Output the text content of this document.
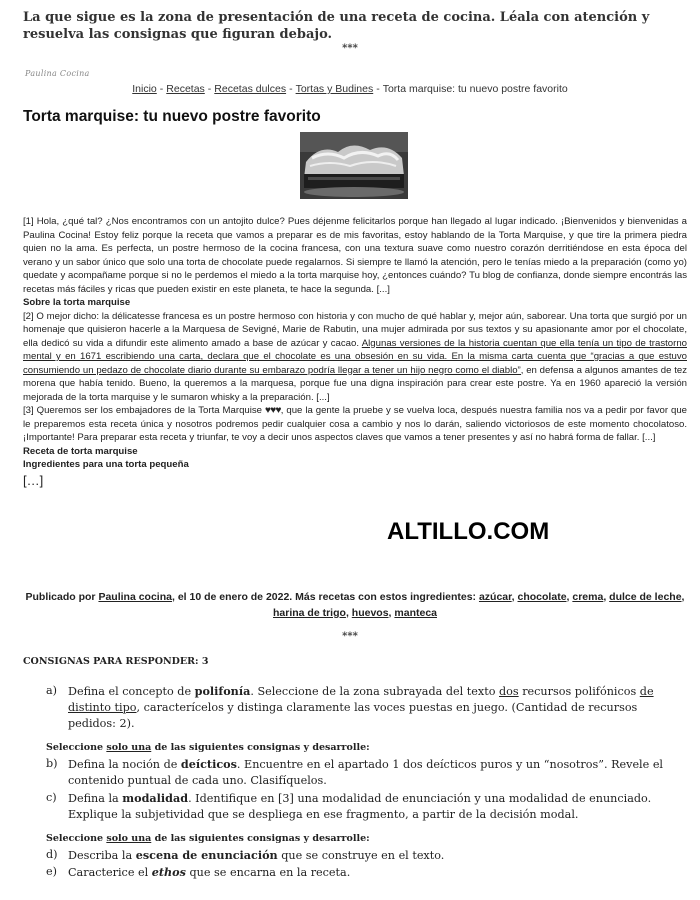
La que sigue es la zona de presentación de una receta de cocina. Léala con atención y resuelva las consignas que figuran debajo.
***
Paulina Cocina
Inicio - Recetas - Recetas dulces - Tortas y Budines - Torta marquise: tu nuevo postre favorito
Torta marquise: tu nuevo postre favorito

[1] Hola, ¿qué tal? ¿Nos encontramos con un antojito dulce? Pues déjenme felicitarlos porque han llegado al lugar indicado. ¡Bienvenidos y bienvenidas a Paulina Cocina! Estoy feliz porque la receta que vamos a preparar es de mis favoritas, estoy hablando de la Torta Marquise, y que tire la primera piedra quien no la ama. Es perfecta, un postre hermoso de la cocina francesa, con una textura suave como nuestro corazón derritiéndose en esta época del verano y un sabor único que solo una torta de chocolate puede regalarnos. Si siempre te llamó la atención, pero le tenías miedo a la preparación (como yo) quedate y acompañame porque si no le perdemos el miedo a la torta marquise hoy, ¿entonces cuándo? Tu blog de confianza, donde siempre encontrás las recetas más fáciles y ricas que pueden existir en este planeta, te hace la segunda. [...]

Sobre la torta marquise

[2] O mejor dicho: la délicatesse francesa es un postre hermoso con historia y con mucho de qué hablar y, mejor aún, saborear. Una torta que surgió por un homenaje que quisieron hacerle a la Marquesa de Sevigné, Marie de Rabutin, una mujer admirada por sus textos y su apasionante amor por el chocolate, ella dedicó su vida a difundir este alimento amado a base de azúcar y cacao. Algunas versiones de la historia cuentan que ella tenía un tipo de trastorno mental y en 1671 escribiendo una carta, declara que el chocolate es una obsesión en su vida. En la misma carta cuenta que “gracias a que estuvo consumiendo un pedazo de chocolate diario durante su embarazo podría llegar a tener un hijo negro como el diablo”, en defensa a algunos amantes de tez morena que había tenido. Bueno, la queremos a la marquesa, porque fue una digna inspiración para crear este postre. Ya en 1960 apareció la versión mejorada de la torta marquise y le sumaron whisky a la preparación. [...]

[3] Queremos ser los embajadores de la Torta Marquise ♥♥♥, que la gente la pruebe y se vuelva loca, después nuestra familia nos va a pedir por favor que le preparemos esta receta única y nosotros podremos pedir cualquier cosa a cambio y nos lo darán, saliendo victoriosos de este momento chocolatoso. ¡Importante! Para preparar esta receta y triunfar, te voy a decir unos aspectos claves que vamos a tener presentes y así no habrá forma de fallar. [...]

Receta de torta marquise

Ingredientes para una torta pequeña

[…]

ALTILLO.COM
Publicado por Paulina cocina, el 10 de enero de 2022. Más recetas con estos ingredientes: azúcar, chocolate, crema, dulce de leche, harina de trigo, huevos, manteca
***
CONSIGNAS PARA RESPONDER: 3
a) Defina el concepto de polifonía. Seleccione de la zona subrayada del texto dos recursos polifónicos de distinto tipo, caracterícelos y distinga claramente las voces puestas en juego. (Cantidad de recursos pedidos: 2).
Seleccione solo una de las siguientes consignas y desarrolle:
b) Defina la noción de deícticos. Encuentre en el apartado 1 dos deícticos puros y un “nosotros”. Revele el contenido puntual de cada uno. Clasifíquelos.
c) Defina la modalidad. Identifique en [3] una modalidad de enunciación y una modalidad de enunciado. Explique la subjetividad que se despliega en ese fragmento, a partir de la decisión modal.
Seleccione solo una de las siguientes consignas y desarrolle:
d) Describa la escena de enunciación que se construye en el texto.
e) Caracterice el ethos que se encarna en la receta.
